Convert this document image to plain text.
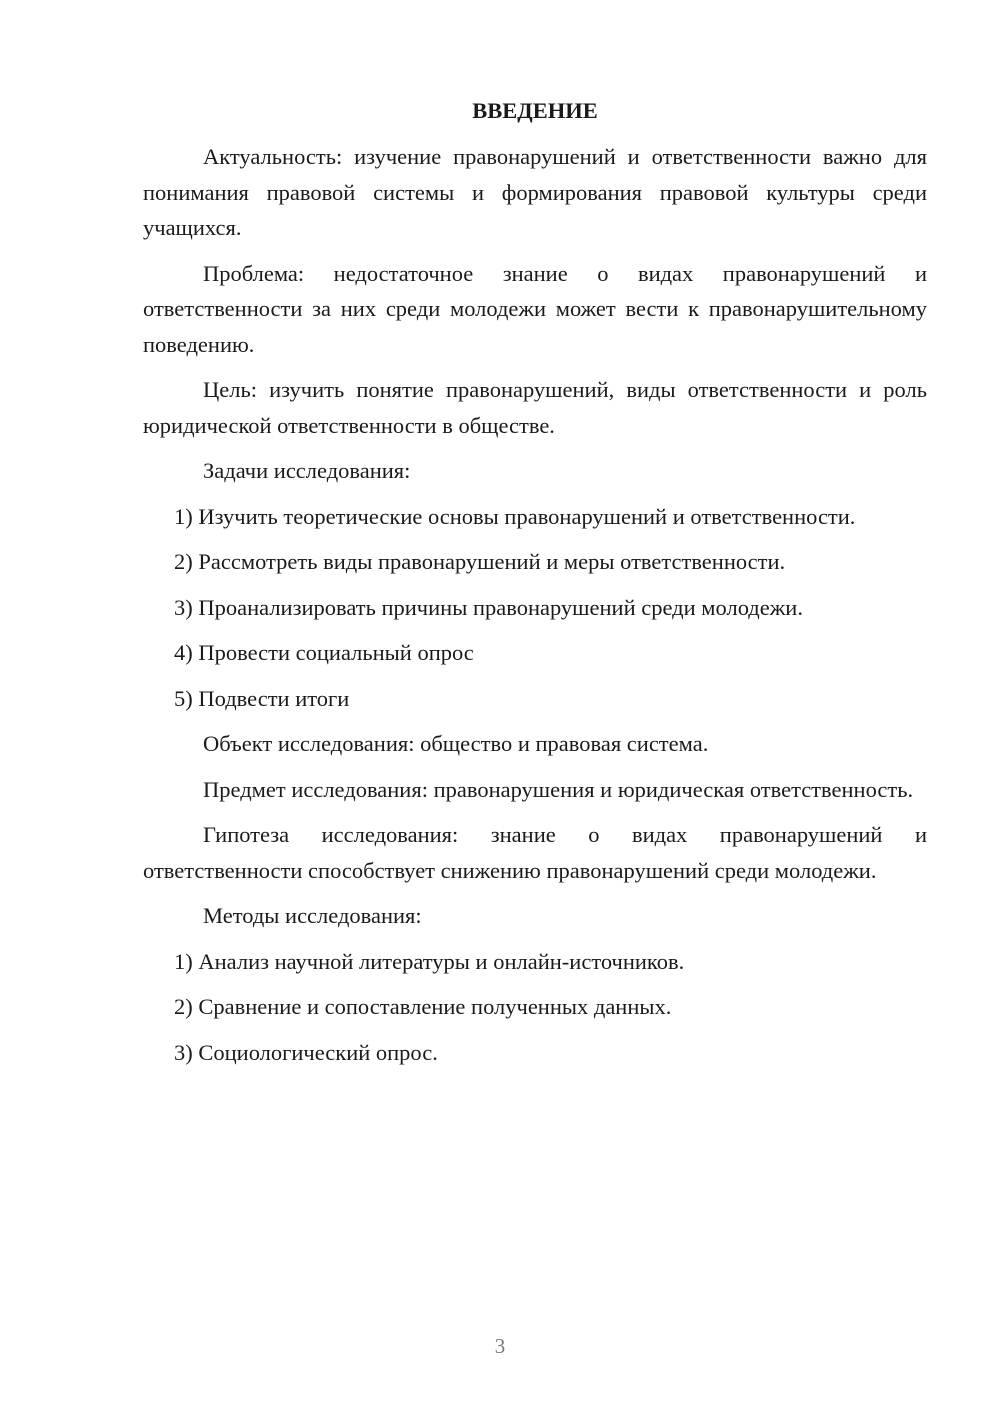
ВВЕДЕНИЕ

Актуальность: изучение правонарушений и ответственности важно для понимания правовой системы и формирования правовой культуры среди учащихся.

Проблема: недостаточное знание о видах правонарушений и ответственности за них среди молодежи может вести к правонарушительному поведению.

Цель: изучить понятие правонарушений, виды ответственности и роль юридической ответственности в обществе.

Задачи исследования:

1) Изучить теоретические основы правонарушений и ответственности.
2) Рассмотреть виды правонарушений и меры ответственности.
3) Проанализировать причины правонарушений среди молодежи.
4) Провести социальный опрос
5) Подвести итоги

Объект исследования: общество и правовая система.

Предмет исследования: правонарушения и юридическая ответственность.

Гипотеза исследования: знание о видах правонарушений и ответственности способствует снижению правонарушений среди молодежи.

Методы исследования:

1) Анализ научной литературы и онлайн-источников.
2) Сравнение и сопоставление полученных данных.
3) Социологический опрос.
3
